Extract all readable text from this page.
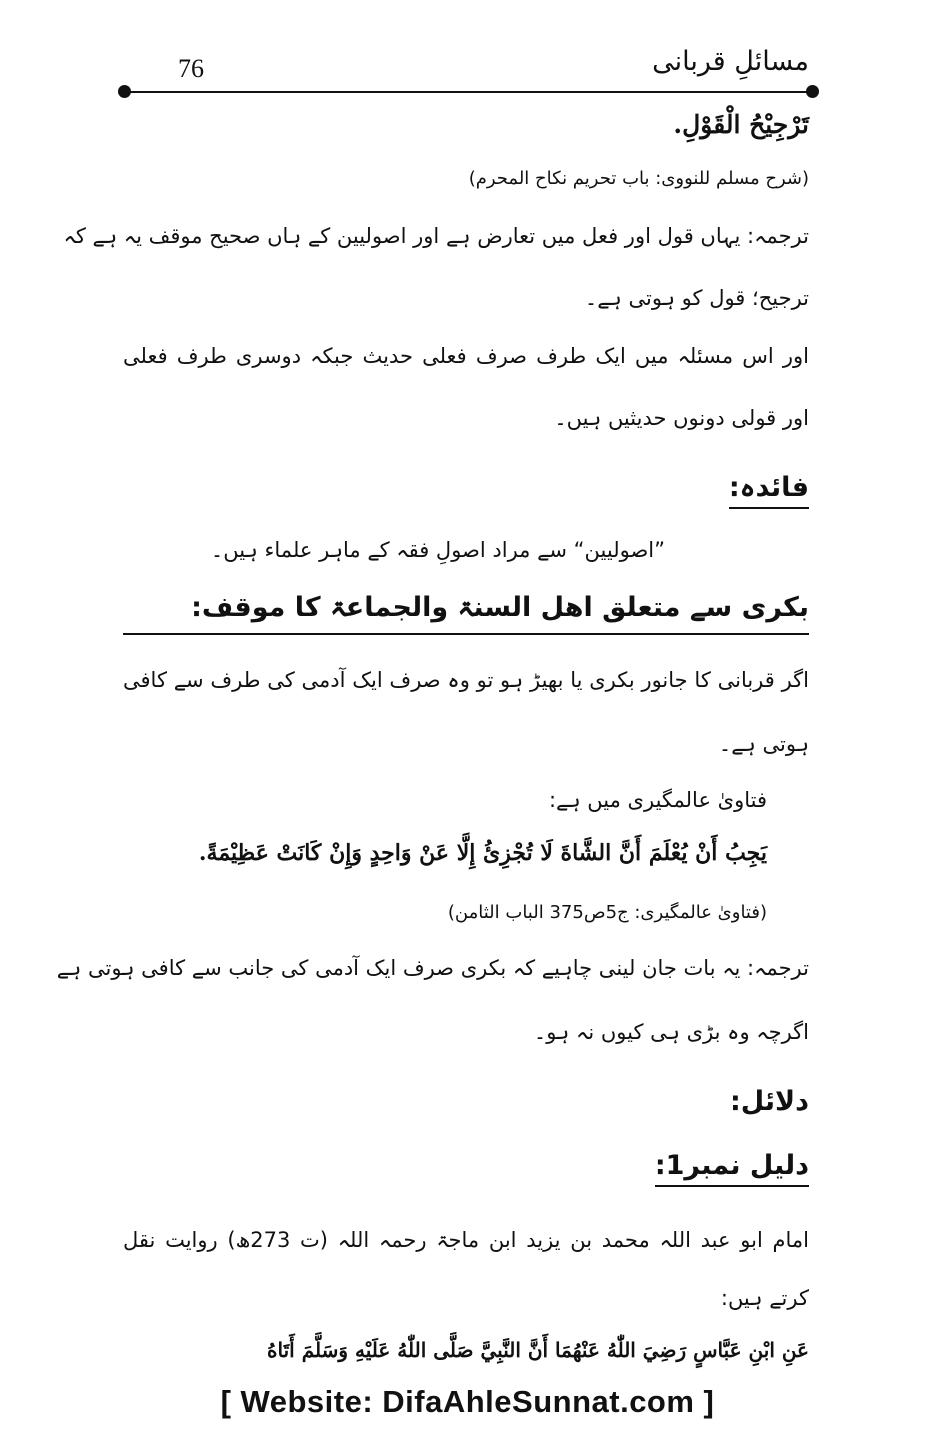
76	مسائلِ قربانی
تَرْجِيْحُ الْقَوْلِ.
(شرح مسلم للنووی: باب تحریم نکاح المحرم)
ترجمہ: یہاں قول اور فعل میں تعارض ہے اور اصولیین کے ہاں صحیح موقف یہ ہے کہ
ترجیح؛ قول کو ہوتی ہے۔
اور اس مسئلہ میں ایک طرف صرف فعلی حدیث جبکہ دوسری طرف فعلی
اور قولی دونوں حدیثیں ہیں۔
فائدہ:
”اصولیین“ سے مراد اصولِ فقہ کے ماہر علماء ہیں۔
بکری سے متعلق اھل السنۃ والجماعۃ کا موقف:
اگر قربانی کا جانور بکری یا بھیڑ ہو تو وہ صرف ایک آدمی کی طرف سے کافی
ہوتی ہے۔
فتاویٰ عالمگیری میں ہے:
يَجِبُ أَنْ يُعْلَمَ أَنَّ الشَّاةَ لَا تُجْزِئُ إِلَّا عَنْ وَاحِدٍ وَإِنْ كَانَتْ عَظِيْمَةً.
(فتاویٰ عالمگیری: ج5ص375 الباب الثامن)
ترجمہ: یہ بات جان لینی چاہیے کہ بکری صرف ایک آدمی کی جانب سے کافی ہوتی ہے
اگرچہ وہ بڑی ہی کیوں نہ ہو۔
دلائل:
دلیل نمبر1:
امام ابو عبد اللہ محمد بن یزید ابن ماجۃ رحمہ اللہ (ت 273ھ) روایت نقل
کرتے ہیں:
عَنِ ابْنِ عَبَّاسٍ رَضِيَ اللّٰهُ عَنْهُمَا أَنَّ النَّبِيَّ صَلَّى اللّٰهُ عَلَيْهِ وَسَلَّمَ أَتَاهُ
[ Website: DifaAhleSunnat.com ]
